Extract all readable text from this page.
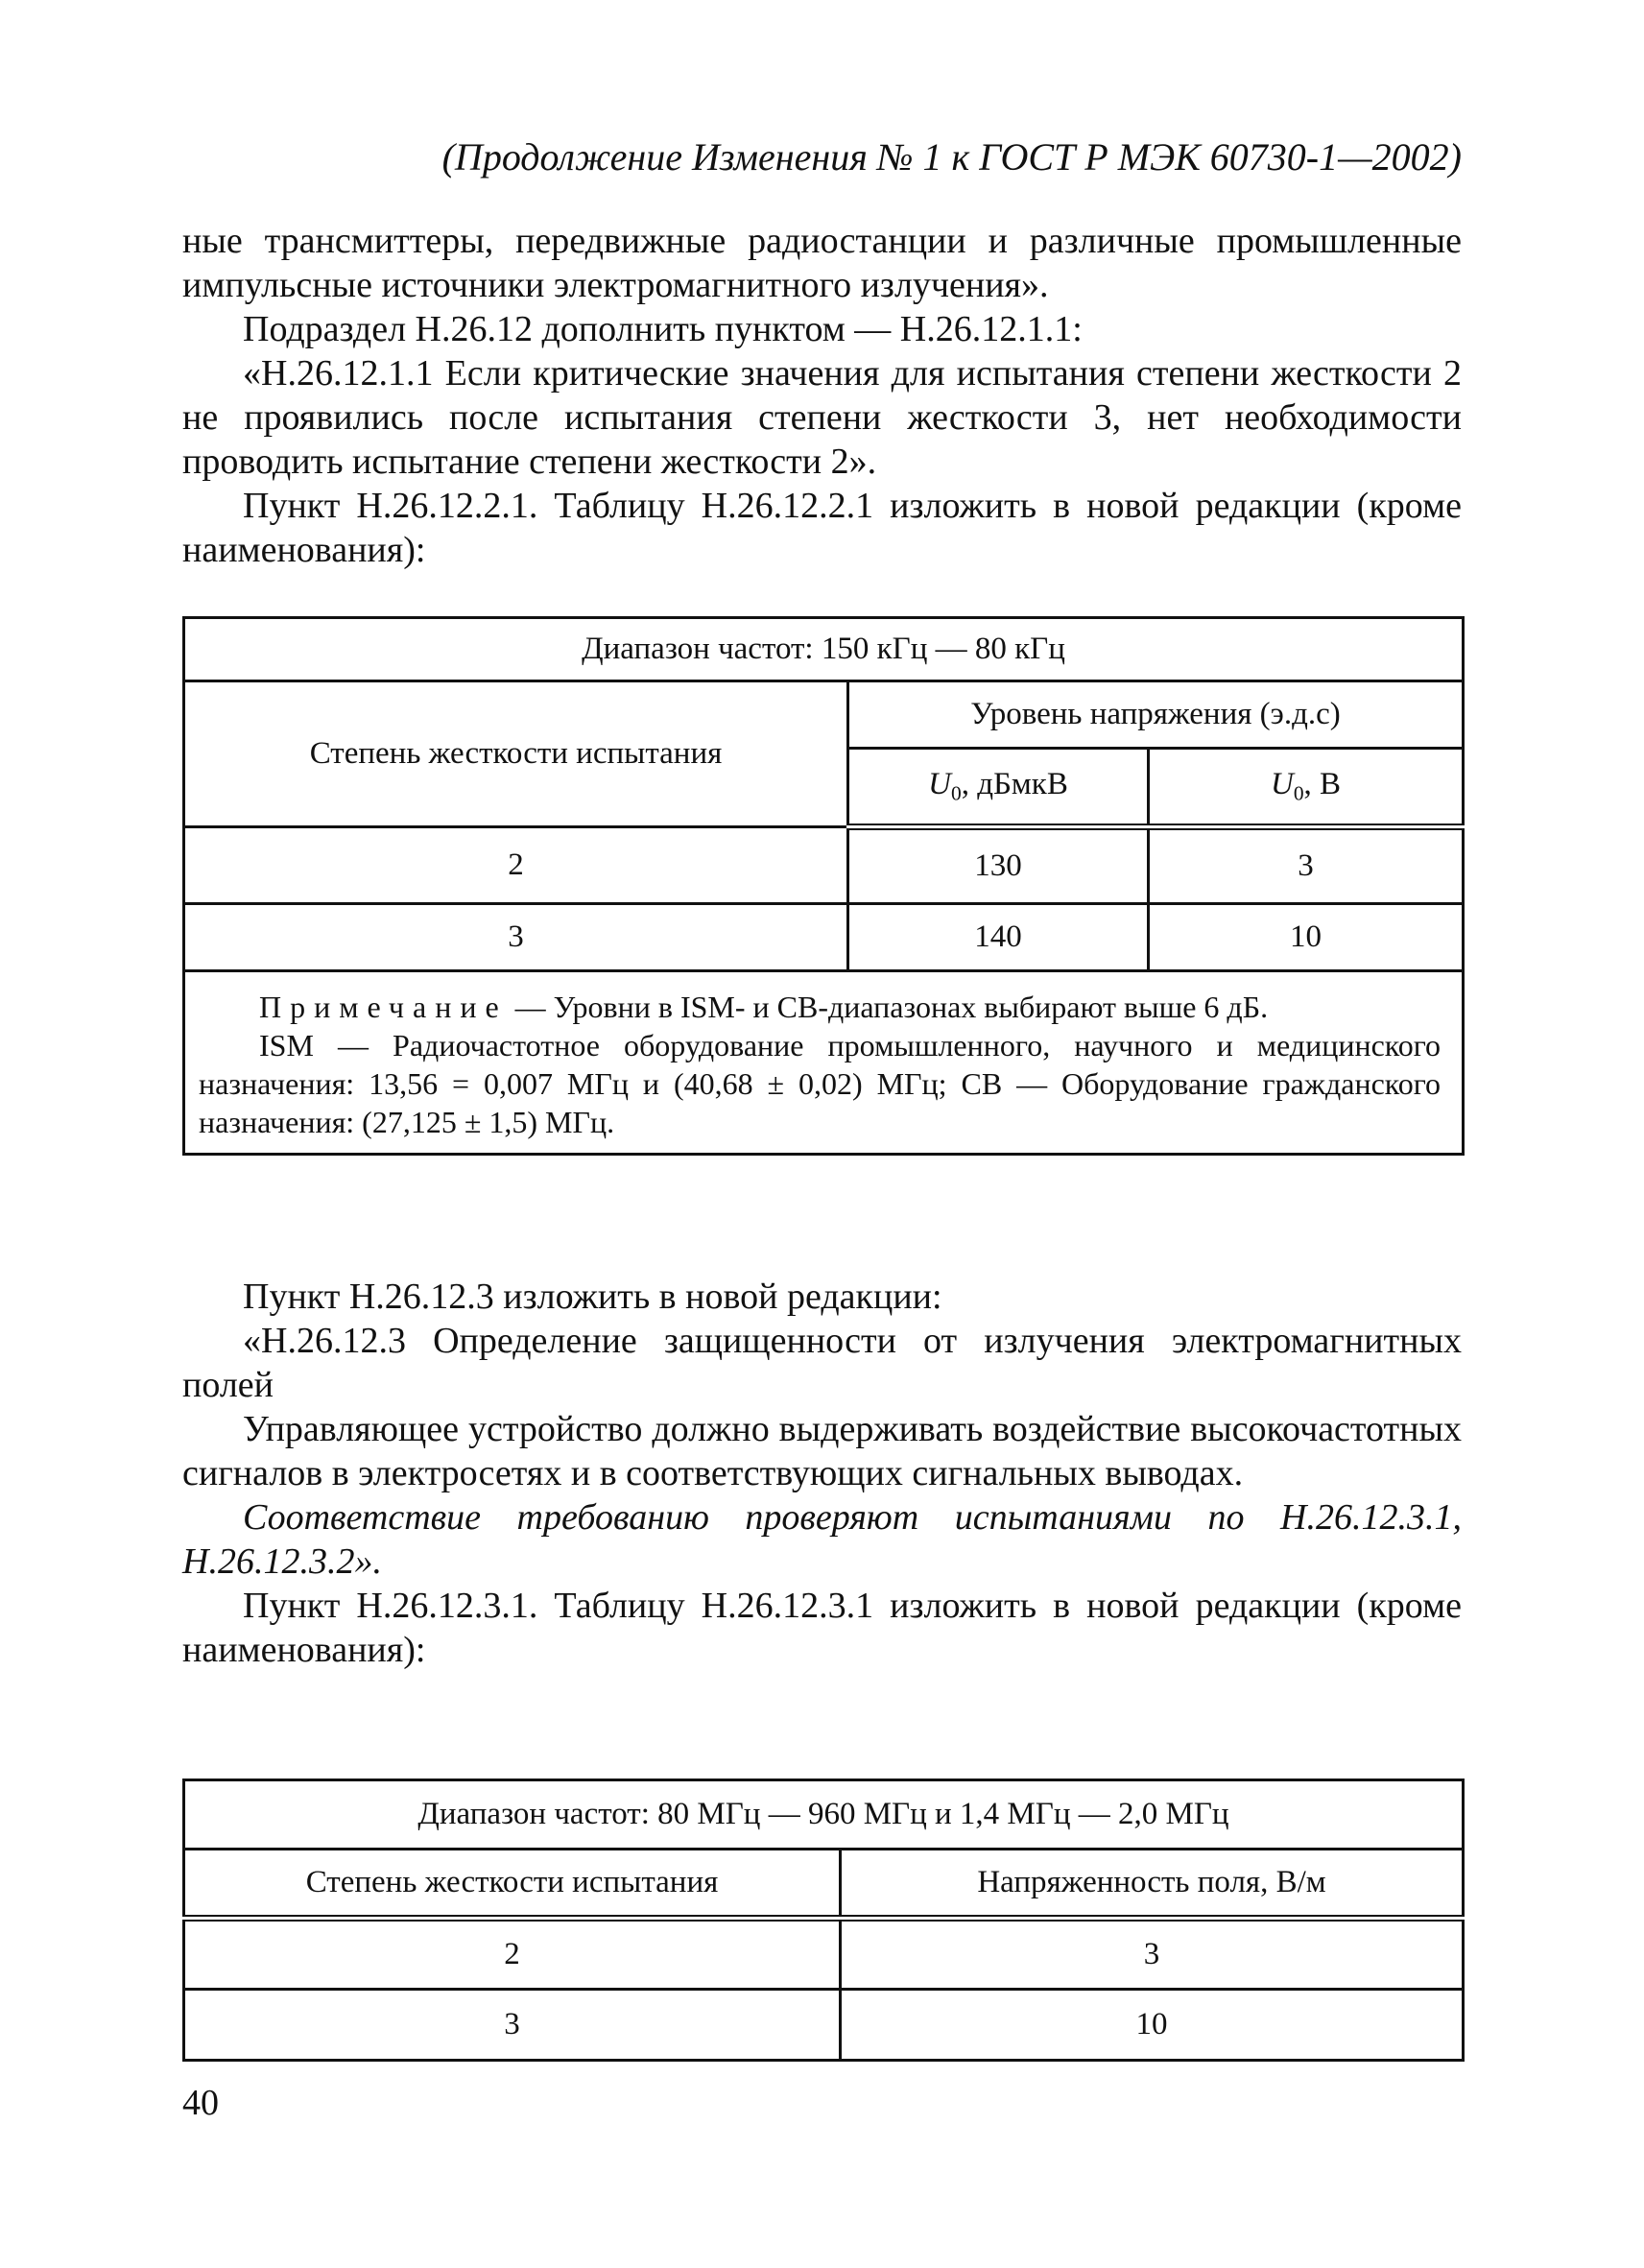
(Продолжение Изменения № 1 к ГОСТ Р МЭК 60730-1—2002)

ные трансмиттеры, передвижные радиостанции и различные промышленные импульсные источники электромагнитного излучения».

Подраздел Н.26.12 дополнить пунктом — Н.26.12.1.1:

«Н.26.12.1.1 Если критические значения для испытания степени жесткости 2 не проявились после испытания степени жесткости 3, нет необходимости проводить испытание степени жесткости 2».

Пункт Н.26.12.2.1. Таблицу Н.26.12.2.1 изложить в новой редакции (кроме наименования):

Диапазон частот: 150 кГц — 80 кГц		
Степень жесткости испытания	Уровень напряжения (э.д.с)	
	$U_0$, дБмкВ	$U_0$, В
2	130	3
3	140	10

Примечание — Уровни в ISM- и CB-диапазонах выбирают выше 6 дБ.

ISM — Радиочастотное оборудование промышленного, научного и медицинского назначения: 13,56 = 0,007 МГц и (40,68 ± 0,02) МГц; CB — Оборудование гражданского назначения: (27,125 ± 1,5) МГц.		

Пункт Н.26.12.3 изложить в новой редакции:

«Н.26.12.3 Определение защищенности от излучения электромагнитных полей

Управляющее устройство должно выдерживать воздействие высокочастотных сигналов в электросетях и в соответствующих сигнальных выводах.

Соответствие требованию проверяют испытаниями по Н.26.12.3.1, Н.26.12.3.2».

Пункт Н.26.12.3.1. Таблицу Н.26.12.3.1 изложить в новой редакции (кроме наименования):

Диапазон частот: 80 МГц — 960 МГц и 1,4 МГц — 2,0 МГц	
Степень жесткости испытания	Напряженность поля, В/м
2	3
3	10
40
